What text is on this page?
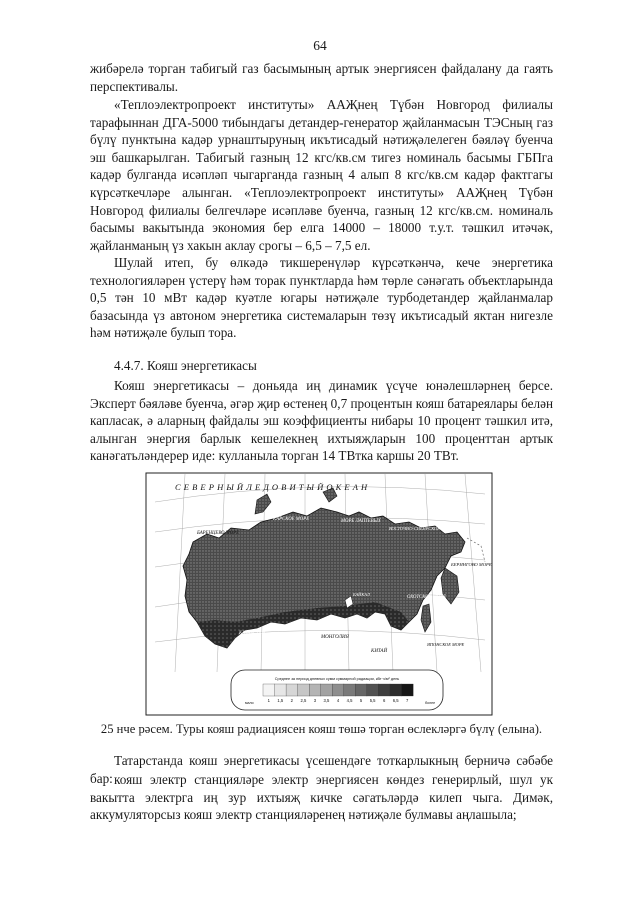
64
жибәрелә торган табигый газ басымының артык энергиясен файдалану да гаять перспективалы.
«Теплоэлектропроект институты» ААҖнең Түбән Новгород филиалы тарафыннан ДГА-5000 тибындагы детандер-генератор җайланмасын ТЭСның газ бүлү пунктына кадәр урнаштыруның икътисадый нәтиҗәлелеген бәяләү буенча эш башкарылган. Табигый газның 12 кгс/кв.см тигез номиналь басымы ГБПга кадәр булганда исәпләп чыгарганда газның 4 алып 8 кгс/кв.см кадәр фактгагы күрсәткечләре алынган. «Теплоэлектропроект институты» ААҖнең Түбән Новгород филиалы белгечләре исәпләве буенча, газның 12 кгс/кв.см. номиналь басымы вакытында экономия бер елга 14000 – 18000 т.у.т. тәшкил итәчәк, җайланманың үз хакын аклау срогы – 6,5 – 7,5 ел.
Шулай итеп, бу өлкәдә тикшеренүләр күрсәткәнчә, кече энергетика технологияләрен үстерү һәм торак пунктларда һәм төрле сәнәгать объектларында 0,5 тән 10 мВт кадәр куәтле югары нәтиҗәле турбодетандер җайланмалар базасында үз автоном энергетика системаларын төзү икътисадый яктан нигезле һәм нәтиҗәле булып тора.
4.4.7. Кояш энергетикасы
Кояш энергетикасы – доньяда иң динамик үсүче юнәлешләрнең берсе. Эксперт бәяләве буенча, әгәр җир өстенең 0,7 процентын кояш батареялары белән капласак, ә аларның файдалы эш коэффициенты нибары 10 процент тәшкил итә, алынган энергия барлык кешелекнең ихтыяҗларын 100 проценттан артык канәгатьләндерер иде: кулланыла торган 14 ТВтка каршы 20 ТВт.
С Е В Е Р Н Ы Й Л Е Д О В И Т Ы Й О К Е А Н
БАРЕНЦЕВО МОРЕ
КАРСКОЕ МОРЕ	МОРЕ ЛАПТЕВЫХ
ВОСТОЧНО-СИБИРСКОЕ МОРЕ
ОХОТСКОЕ МОРЕ
БЕРИНГОВО МОРЕ
БАЙКАЛ
МОНГОЛИЯ
КИТАЙ
КАЗАХСТАН
ЯПОНСКОЕ МОРЕ
Среднее за период дневных сумм суммарной радиации, кВт·ч/м² день
1 1,5 2 2,5 3 3,5 4 4,5 5 5,5 6 6,5 7
мало	более
25 нче рәсем. Туры кояш радиациясен кояш төшә торган өслекләргә бүлү (елына).
Татарстанда кояш энергетикасы үсешендәге тоткарлыкның берничә сәбәбе бар: кояш электр станцияләре электр энергиясен көндез генерирлый, шул ук вакытта электрга иң зур ихтыяҗ кичке сәгатьләрдә килеп чыга. Димәк, аккумуляторсыз кояш электр станцияләренең нәтиҗәле булмавы аңлашыла;
